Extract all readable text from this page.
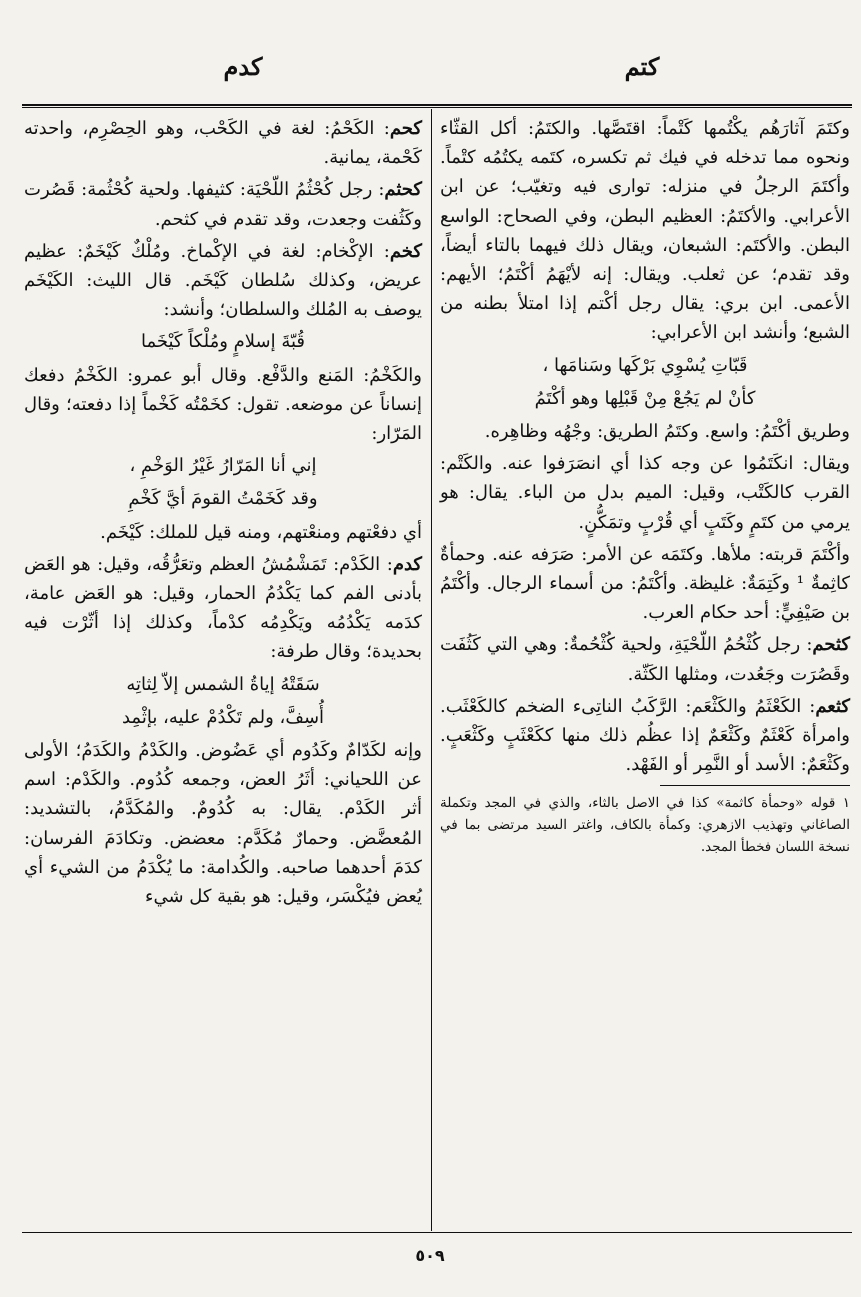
كتم
كدم
وكتَمَ آثارَهُم يكْتُمها كَتْماً: اقتَصَّها. والكتَمُ: أكل القثّاء ونحوه مما تدخله في فيك ثم تكسره، كتَمه يكتُمُه كتْماً. وأكتَمَ الرجلُ في منزله: توارى فيه وتغيّب؛ عن ابن الأعرابي. والأكتَمُ: العظيم البطن، وفي الصحاح: الواسع البطن. والأكتَم: الشبعان، ويقال ذلك فيهما بالتاء أيضاً، وقد تقدم؛ عن ثعلب. ويقال: إنه لأيْهَمُ أكْتَمُ؛ الأيهم: الأعمى. ابن بري: يقال رجل أكْتم إذا امتلأ بطنه من الشبع؛ وأنشد ابن الأعرابي:
قَبّاتِ يُسْوِي بَرْكَها وسَنامَها ،
كأنْ لم يَجُعْ مِنْ قَبْلِها وهو أكْتَمُ
وطريق أكْتَمُ: واسع. وكتَمُ الطريق: وجْهُه وظاهِره.
ويقال: انكَتَمُوا عن وجه كذا أي انصَرَفوا عنه. والكَتْم: القرب كالكَتْب، وقيل: الميم بدل من الباء. يقال: هو يرمي من كتَمٍ وكَتَبٍ أي قُرْبٍ وتمَكُّنٍ.
وأكْتَمَ قربته: ملأها. وكتَمَه عن الأمر: صَرَفه عنه. وحمأةٌ كاثِمةٌ ¹ وكَتِمَةٌ: غليظة. وأكْتَمُ: من أسماء الرجال. وأكْتَمُ بن صَيْفِيٍّ: أحد حكام العرب.
كثحم: رجل كُثْحُمُ اللّحْيَةِ، ولحية كُثْحُمةٌ: وهي التي كَثُفَت وقَصُرَت وجَعُدت، ومثلها الكَثّة.
كثعم: الكَعْثَمُ والكَثْعَم: الرَّكَبُ الناتِىء الضخم كالكَعْثَب. وامرأة كَعْثَمٌ وكَثْعَمٌ إذا عظُم ذلك منها ككَعْثَبٍ وكَثْعَبٍ. وكَثْعَمٌ: الأسد أو النَّمِر أو الفَهْد.
١ قوله «وحمأة كاثمة» كذا في الاصل بالثاء، والذي في المجد وتكملة الصاغاني وتهذيب الازهري: وكمأة بالكاف، واغتر السيد مرتضى بما في نسخة اللسان فخطأ المجد.
كحم: الكَحْمُ: لغة في الكَحْب، وهو الحِصْرِم، واحدته كَحْمة، يمانية.
كحثم: رجل كُحْثُمُ اللّحْيَة: كثيفها. ولحية كُحْثُمة: قَصُرت وكَثُفت وجعدت، وقد تقدم في كثحم.
كخم: الإكْخام: لغة في الإكْماخ. ومُلْكٌ كَيْخَمٌ: عظيم عريض، وكذلك سُلطان كَيْخَم. قال الليث: الكَيْخَم يوصف به المُلك والسلطان؛ وأنشد:
قُبّةَ إسلامٍ ومُلْكاً كَيْخَما
والكَخْمُ: المَنع والدَّفْع. وقال أبو عمرو: الكَخْمُ دفعك إنساناً عن موضعه. تقول: كخَمْتُه كَخْماً إذا دفعته؛ وقال المَرّار:
إني أنا المَرّارُ غَيْرُ الوَخْمِ ،
وقد كَخَمْتُ القومَ أيَّ كَخْمِ
أي دفعْتهم ومنعْتهم، ومنه قيل للملك: كَيْخَم.
كدم: الكَدْم: تَمَشْمُشُ العظم وتعَرُّقُه، وقيل: هو العَض بأدنى الفم كما يَكْدُمُ الحمار، وقيل: هو العَض عامة، كدَمه يَكْدُمُه ويَكْدِمُه كدْماً، وكذلك إذا أثّرْت فيه بحديدة؛ وقال طرفة:
سَقَتْهُ إياةُ الشمس إلاّ لِثاتِه
أُسِفَّ، ولم تَكْدُمْ عليه، بإثْمِد
وإنه لكَدّامٌ وكَدُوم أي عَضُوض. والكَدْمُ والكَدَمُ؛ الأولى عن اللحياني: أثَرُ العض، وجمعه كُدُوم. والكَدْم: اسم أثر الكَدْم. يقال: به كُدُومٌ. والمُكَدَّمُ، بالتشديد: المُعضَّض. وحمارٌ مُكَدَّم: معضض. وتكادَمَ الفرسان: كدَمَ أحدهما صاحبه. والكُدامة: ما يُكْدَمُ من الشيء أي يُعض فيُكْسَر، وقيل: هو بقية كل شيء
٥٠٩
